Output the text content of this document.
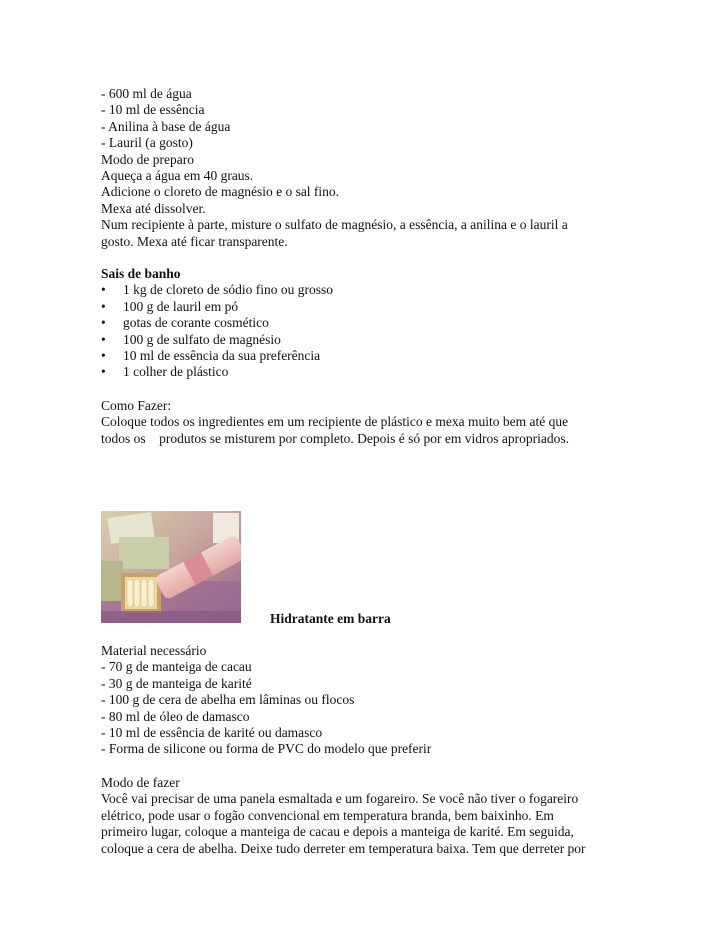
- 600 ml de água
- 10 ml de essência
- Anilina à base de água
- Lauril (a gosto)
Modo de preparo
Aqueça a água em 40 graus.
Adicione o cloreto de magnésio e o sal fino.
Mexa até dissolver.
Num recipiente à parte, misture o sulfato de magnésio, a essência, a anilina e o lauril a
gosto. Mexa até ficar transparente.
Sais de banho
• 1 kg de cloreto de sódio fino ou grosso
• 100 g de lauril em pó
• gotas de corante cosmético
• 100 g de sulfato de magnésio
• 10 ml de essência da sua preferência
• 1 colher de plástico
Como Fazer:
Coloque todos os ingredientes em um recipiente de plástico e mexa muito bem até que
todos os produtos se misturem por completo. Depois é só por em vidros apropriados.
Hidratante em barra
Material necessário
- 70 g de manteiga de cacau
- 30 g de manteiga de karité
- 100 g de cera de abelha em lâminas ou flocos
- 80 ml de óleo de damasco
- 10 ml de essência de karité ou damasco
- Forma de silicone ou forma de PVC do modelo que preferir
Modo de fazer
Você vai precisar de uma panela esmaltada e um fogareiro. Se você não tiver o fogareiro
elétrico, pode usar o fogão convencional em temperatura branda, bem baixinho. Em
primeiro lugar, coloque a manteiga de cacau e depois a manteiga de karité. Em seguida,
coloque a cera de abelha. Deixe tudo derreter em temperatura baixa. Tem que derreter por
